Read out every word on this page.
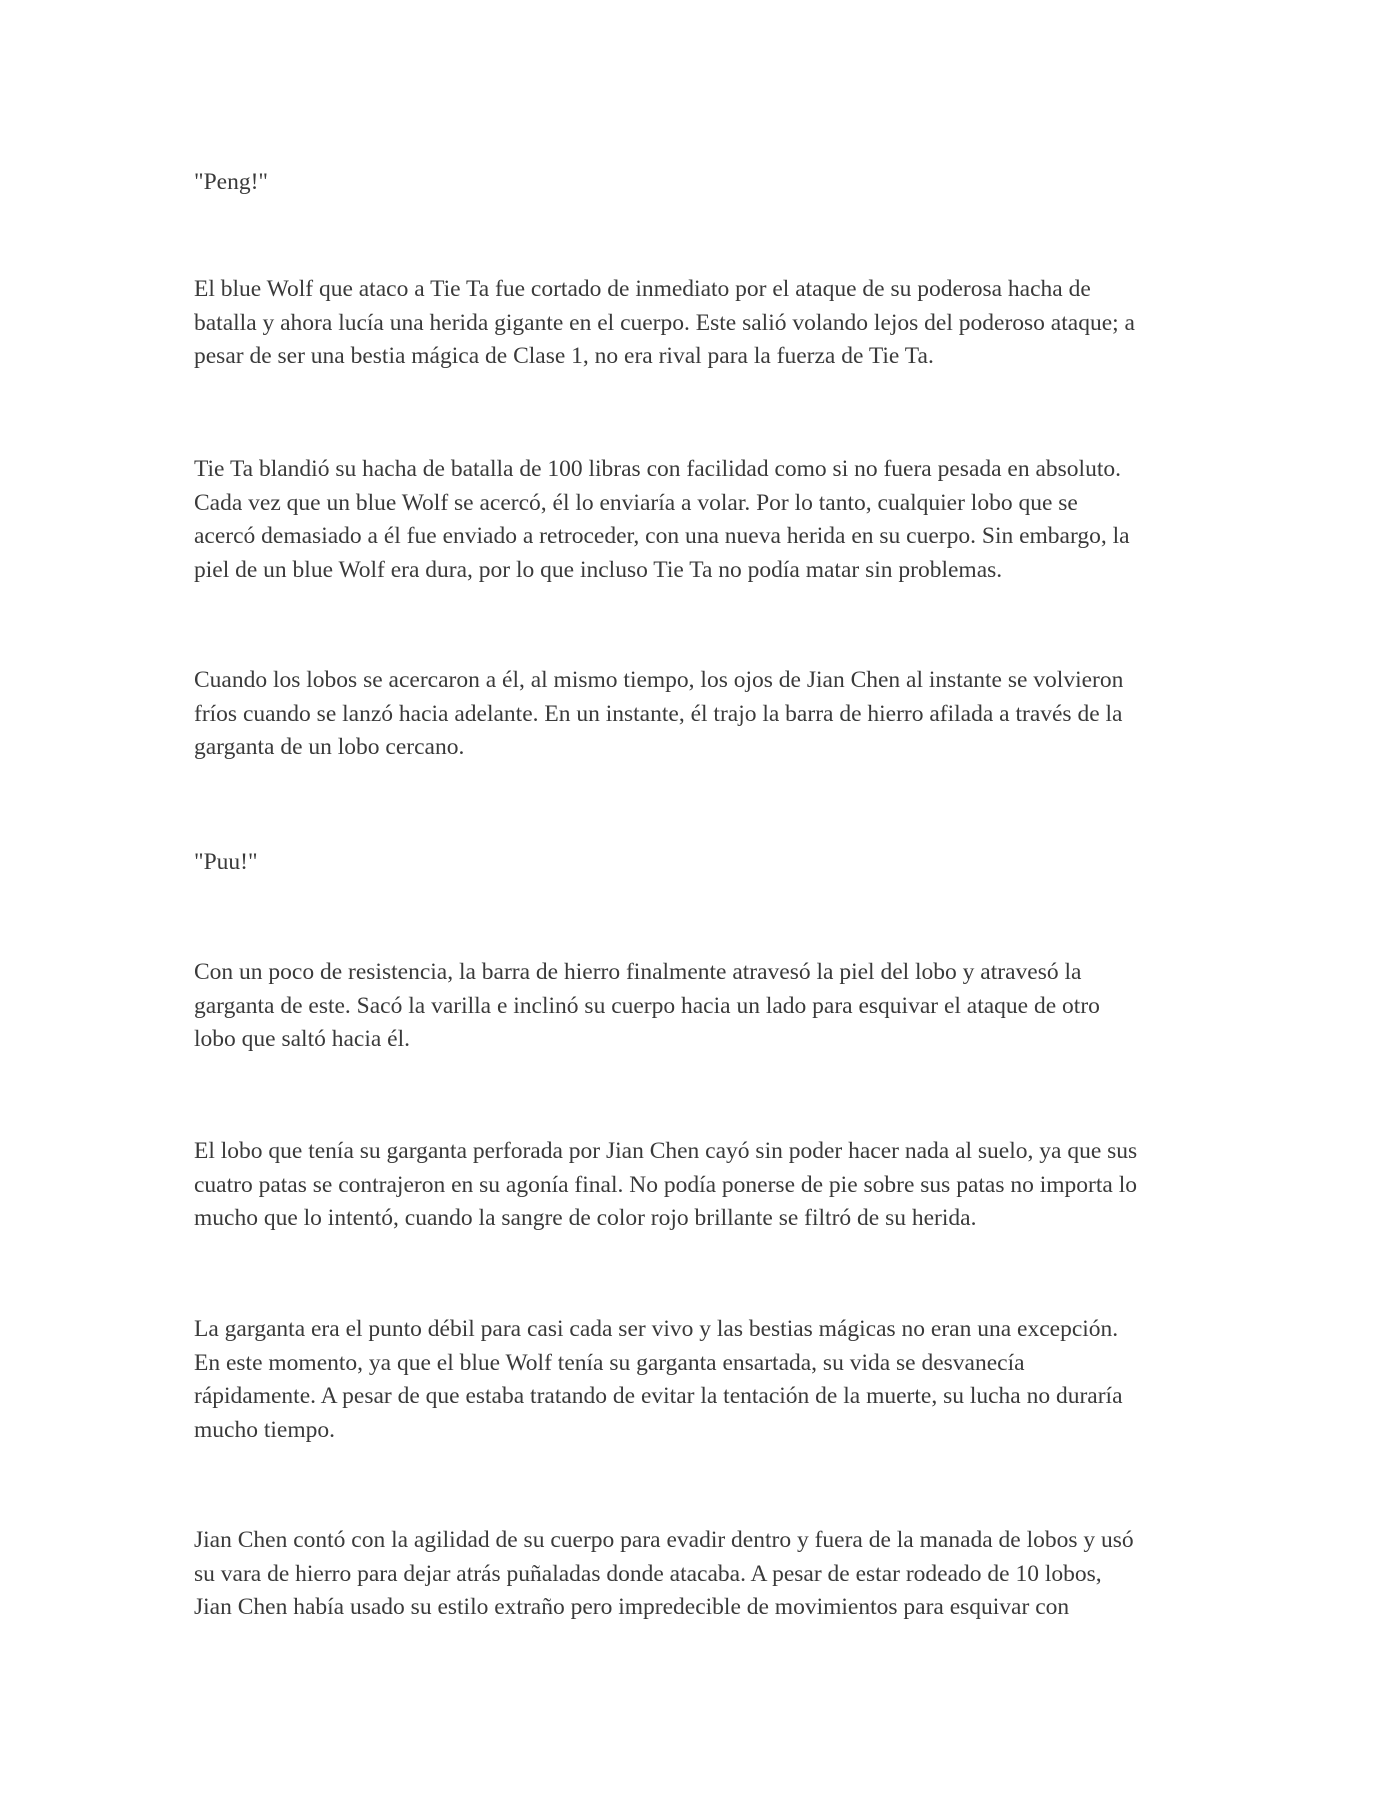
"Peng!"

El blue Wolf que ataco a Tie Ta fue cortado de inmediato por el ataque de su poderosa hacha de
batalla y ahora lucía una herida gigante en el cuerpo. Este salió volando lejos del poderoso ataque; a
pesar de ser una bestia mágica de Clase 1, no era rival para la fuerza de Tie Ta.

Tie Ta blandió su hacha de batalla de 100 libras con facilidad como si no fuera pesada en absoluto.
Cada vez que un blue Wolf se acercó, él lo enviaría a volar. Por lo tanto, cualquier lobo que se
acercó demasiado a él fue enviado a retroceder, con una nueva herida en su cuerpo. Sin embargo, la
piel de un blue Wolf era dura, por lo que incluso Tie Ta no podía matar sin problemas.

Cuando los lobos se acercaron a él, al mismo tiempo, los ojos de Jian Chen al instante se volvieron
fríos cuando se lanzó hacia adelante. En un instante, él trajo la barra de hierro afilada a través de la
garganta de un lobo cercano.

"Puu!"

Con un poco de resistencia, la barra de hierro finalmente atravesó la piel del lobo y atravesó la
garganta de este. Sacó la varilla e inclinó su cuerpo hacia un lado para esquivar el ataque de otro
lobo que saltó hacia él.

El lobo que tenía su garganta perforada por Jian Chen cayó sin poder hacer nada al suelo, ya que sus
cuatro patas se contrajeron en su agonía final. No podía ponerse de pie sobre sus patas no importa lo
mucho que lo intentó, cuando la sangre de color rojo brillante se filtró de su herida.

La garganta era el punto débil para casi cada ser vivo y las bestias mágicas no eran una excepción.
En este momento, ya que el blue Wolf tenía su garganta ensartada, su vida se desvanecía
rápidamente. A pesar de que estaba tratando de evitar la tentación de la muerte, su lucha no duraría
mucho tiempo.

Jian Chen contó con la agilidad de su cuerpo para evadir dentro y fuera de la manada de lobos y usó
su vara de hierro para dejar atrás puñaladas donde atacaba. A pesar de estar rodeado de 10 lobos,
Jian Chen había usado su estilo extraño pero impredecible de movimientos para esquivar con
